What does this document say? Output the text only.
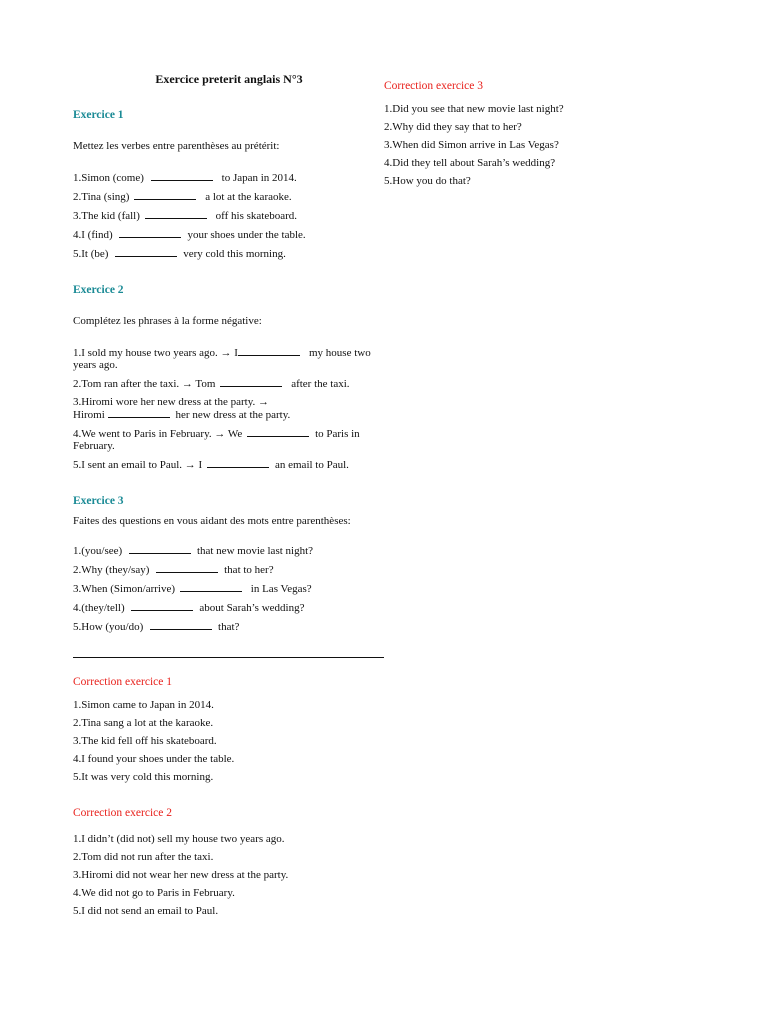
Exercice preterit anglais N°3

Exercice 1

Mettez les verbes entre parenthèses au prétérit:

1.Simon (come)	to Japan in 2014.

2.Tina (sing)	a lot at the karaoke.

3.The kid (fall)	off his skateboard.

4.I (find)	your shoes under the table.

5.It (be)	very cold this morning.

Exercice 2

Complétez les phrases à la forme négative:

1.I sold my house two years ago. → I	my house two years ago.

2.Tom ran after the taxi. → Tom	after the taxi.

3.Hiromi wore her new dress at the party. →
Hiromi	her new dress at the party.

4.We went to Paris in February. → We	to Paris in February.

5.I sent an email to Paul. → I	an email to Paul.

Exercice 3

Faites des questions en vous aidant des mots entre parenthèses:

1.(you/see)	that new movie last night?

2.Why (they/say)	that to her?

3.When (Simon/arrive)	in Las Vegas?

4.(they/tell)	about Sarah’s wedding?

5.How (you/do)	that?

Correction exercice 1

1.Simon came to Japan in 2014.

2.Tina sang a lot at the karaoke.

3.The kid fell off his skateboard.

4.I found your shoes under the table.

5.It was very cold this morning.

Correction exercice 2

1.I didn’t (did not) sell my house two years ago.

2.Tom did not run after the taxi.

3.Hiromi did not wear her new dress at the party.

4.We did not go to Paris in February.

5.I did not send an email to Paul.

Correction exercice 3

1.Did you see that new movie last night?

2.Why did they say that to her?

3.When did Simon arrive in Las Vegas?

4.Did they tell about Sarah’s wedding?

5.How you do that?
